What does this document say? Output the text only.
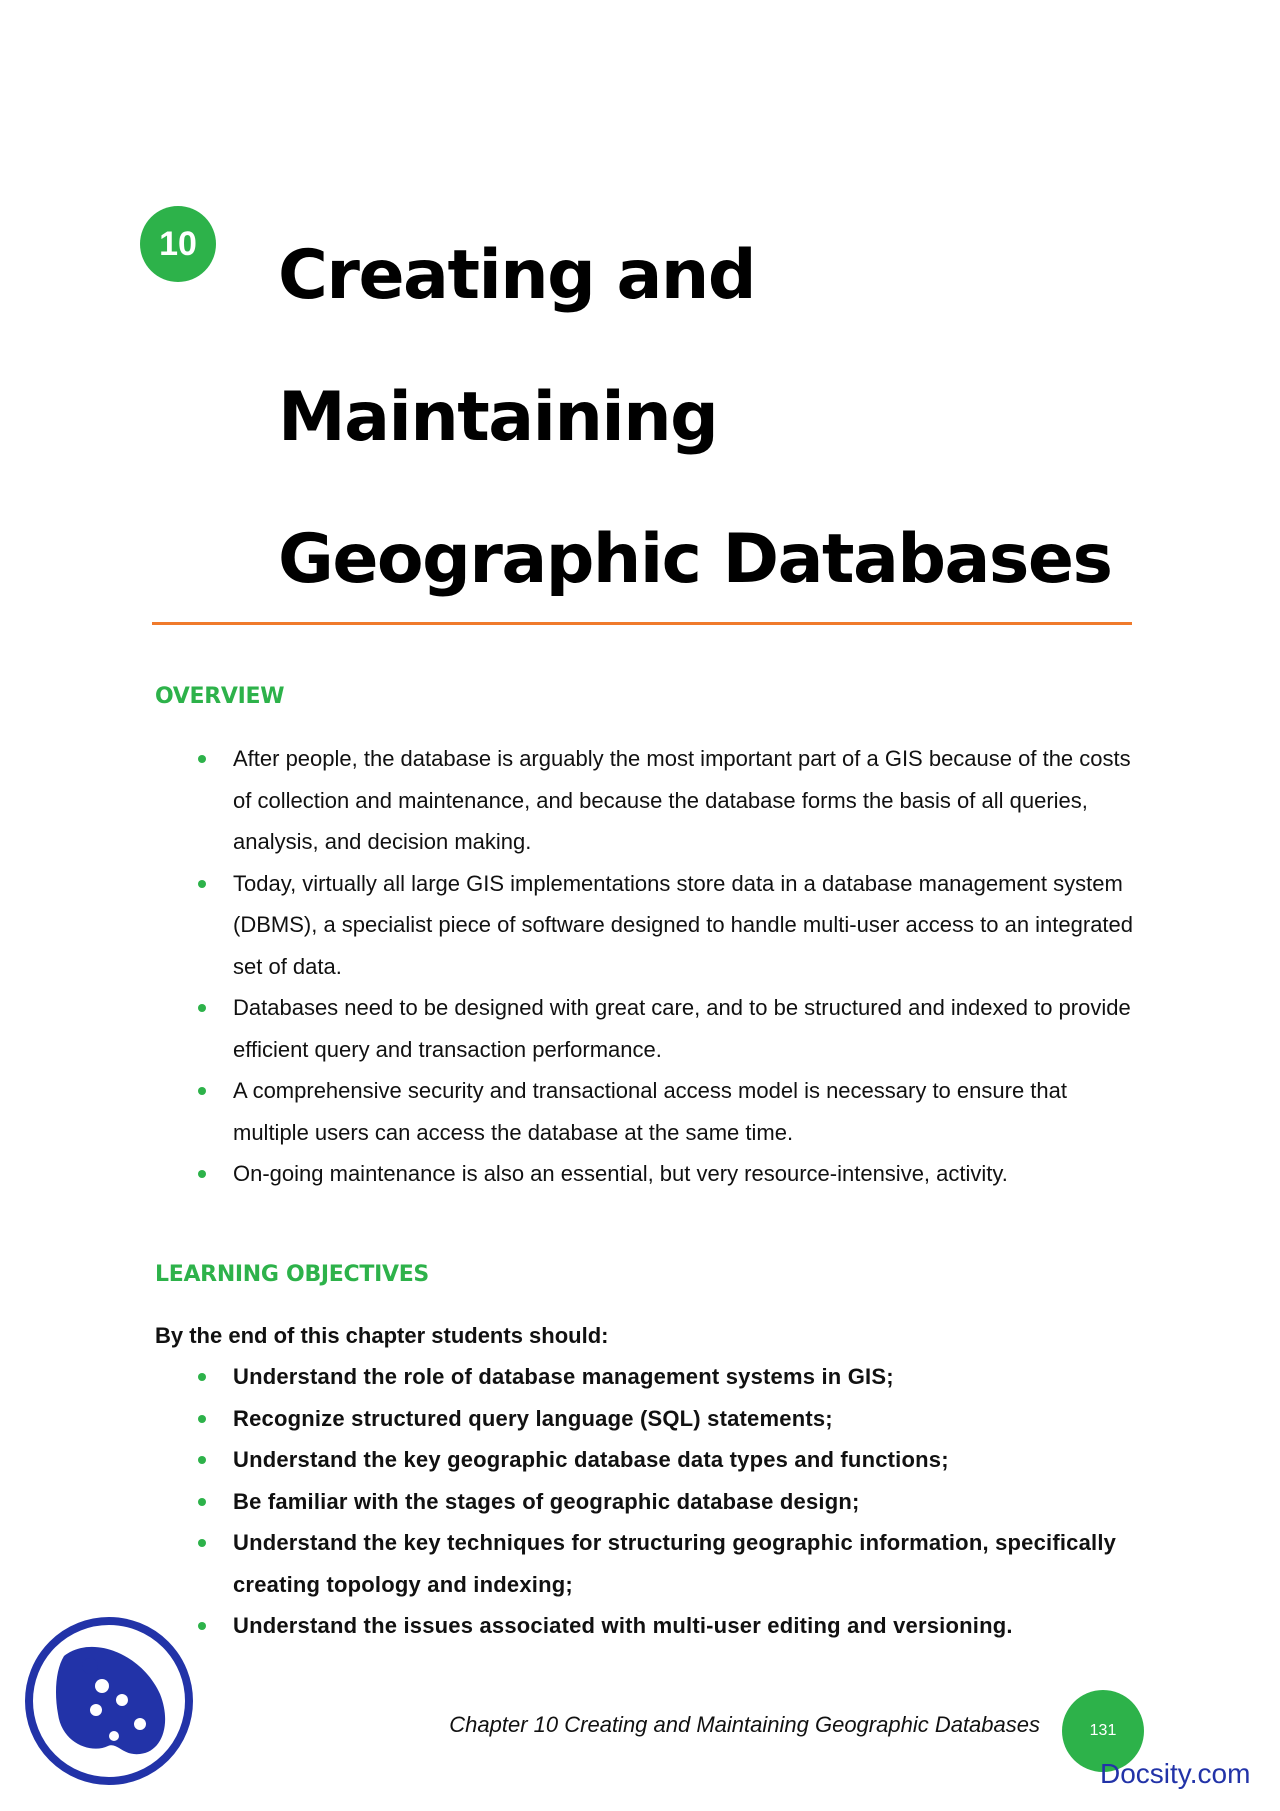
10 Creating and Maintaining
Geographic Databases
OVERVIEW
After people, the database is arguably the most important part of a GIS because of the costs of collection and maintenance, and because the database forms the basis of all queries, analysis, and decision making.
Today, virtually all large GIS implementations store data in a database management system (DBMS), a specialist piece of software designed to handle multi-user access to an integrated set of data.
Databases need to be designed with great care, and to be structured and indexed to provide efficient query and transaction performance.
A comprehensive security and transactional access model is necessary to ensure that multiple users can access the database at the same time.
On-going maintenance is also an essential, but very resource-intensive, activity.
LEARNING OBJECTIVES

By the end of this chapter students should:

Understand the role of database management systems in GIS;
Recognize structured query language (SQL) statements;
Understand the key geographic database data types and functions;
Be familiar with the stages of geographic database design;
Understand the key techniques for structuring geographic information, specifically creating topology and indexing;
Understand the issues associated with multi-user editing and versioning.
Chapter 10 Creating and Maintaining Geographic Databases	131
Docsity.com
